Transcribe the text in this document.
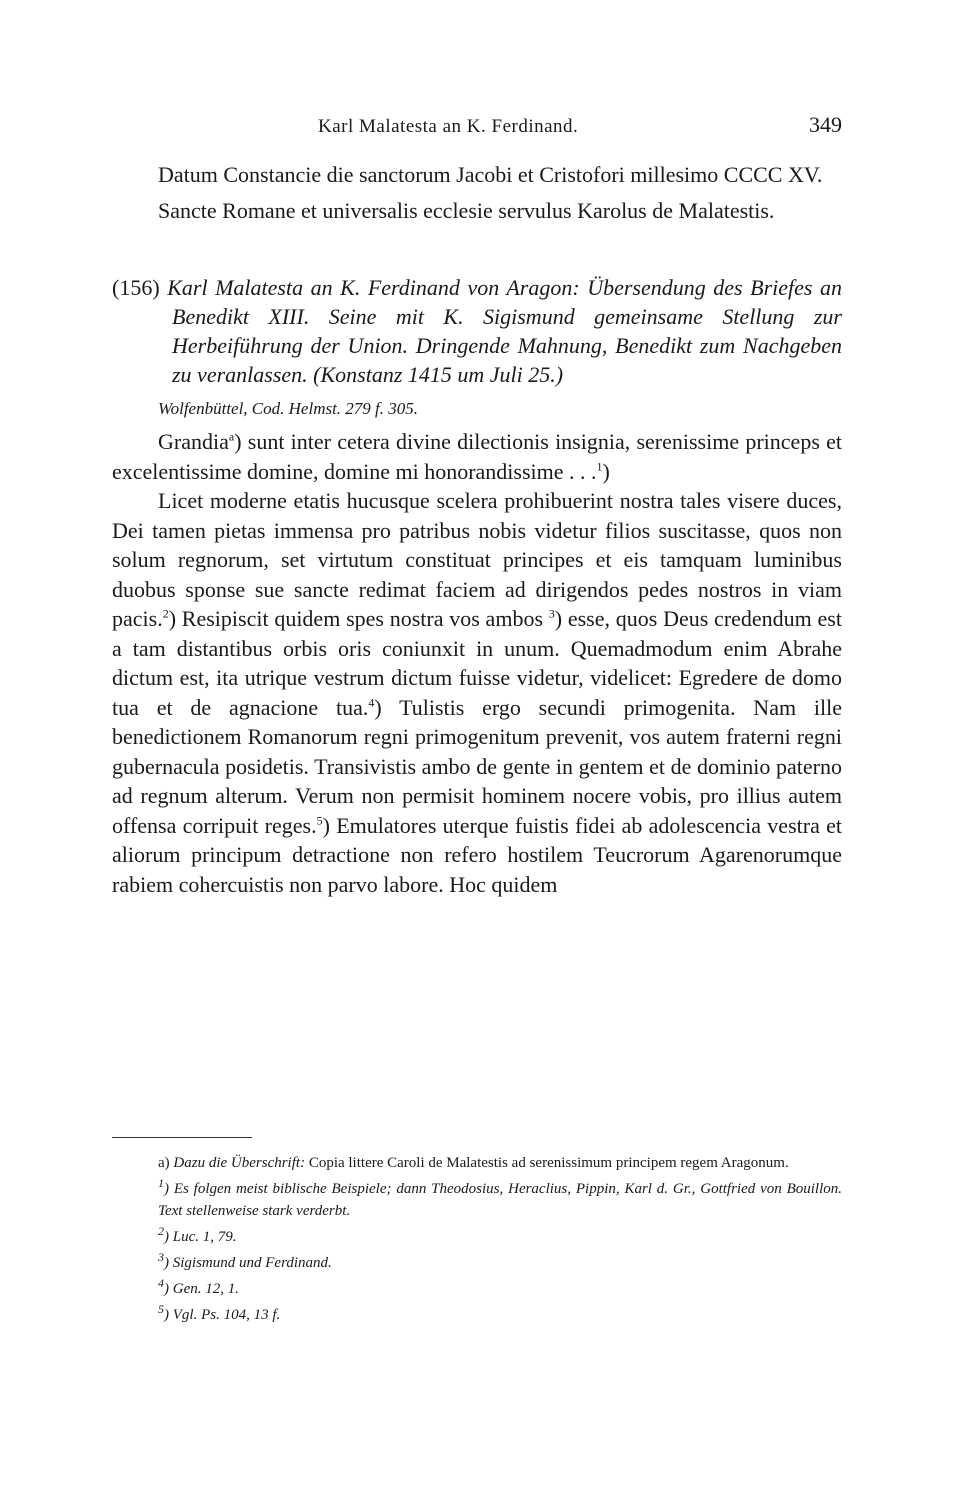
Karl Malatesta an K. Ferdinand.	349

Datum Constancie die sanctorum Jacobi et Cristofori millesimo CCCC XV.

Sancte Romane et universalis ecclesie servulus Karolus de Malatestis.

(156) Karl Malatesta an K. Ferdinand von Aragon: Übersendung des Briefes an Benedikt XIII. Seine mit K. Sigismund gemeinsame Stellung zur Herbeiführung der Union. Dringende Mahnung, Benedikt zum Nachgeben zu veranlassen. (Konstanz 1415 um Juli 25.)

Wolfenbüttel, Cod. Helmst. 279 f. 305.

Grandia$^a$) sunt inter cetera divine dilectionis insignia, serenissime princeps et excelentissime domine, domine mi honorandissime . . .$^1$)

Licet moderne etatis hucusque scelera prohibuerint nostra tales visere duces, Dei tamen pietas immensa pro patribus nobis videtur filios suscitasse, quos non solum regnorum, set virtutum constituat principes et eis tamquam luminibus duobus sponse sue sancte redimat faciem ad dirigendos pedes nostros in viam pacis.$^2$) Resipiscit quidem spes nostra vos ambos $^3$) esse, quos Deus credendum est a tam distantibus orbis oris coniunxit in unum. Quemadmodum enim Abrahe dictum est, ita utrique vestrum dictum fuisse videtur, videlicet: Egredere de domo tua et de agnacione tua.$^4$) Tulistis ergo secundi primogenita. Nam ille benedictionem Romanorum regni primogenitum prevenit, vos autem fraterni regni gubernacula posidetis. Transivistis ambo de gente in gentem et de dominio paterno ad regnum alterum. Verum non permisit hominem nocere vobis, pro illius autem offensa corripuit reges.$^5$) Emulatores uterque fuistis fidei ab adolescencia vestra et aliorum principum detractione non refero hostilem Teucrorum Agarenorumque rabiem cohercuistis non parvo labore. Hoc quidem

a) Dazu die Überschrift: Copia littere Caroli de Malatestis ad serenissimum principem regem Aragonum.

$^1$) Es folgen meist biblische Beispiele; dann Theodosius, Heraclius, Pippin, Karl d. Gr., Gottfried von Bouillon. Text stellenweise stark verderbt.

$^2$) Luc. 1, 79.

$^3$) Sigismund und Ferdinand.

$^4$) Gen. 12, 1.

$^5$) Vgl. Ps. 104, 13 f.
